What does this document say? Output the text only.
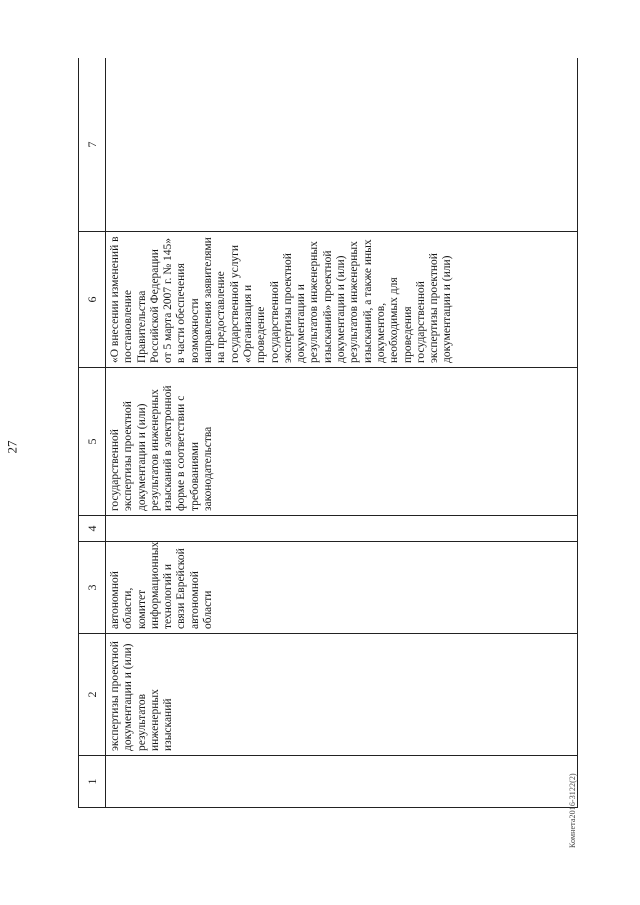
27
1	2	3	4	5	6	7

	экспертизы проектной документации и (или) результатов инженерных изысканий	автономной области, комитет информационных технологий и связи Еврейской автономной области		государственной экспертизы проектной документации и (или) результатов инженерных изысканий в электронной форме в соответствии с требованиями законодательства	«О внесении изменений в постановление Правительства Российской Федерации от 5 марта 2007 г. № 145» в части обеспечения возможности направления заявителями на предоставление государственной услуги «Организация и проведение государственной экспертизы проектной документации и результатов инженерных изысканий» проектной документации и (или) результатов инженерных изысканий, а также иных документов, необходимых для проведения государственной экспертизы проектной документации и (или)	

Комнета2016-3122(2)
